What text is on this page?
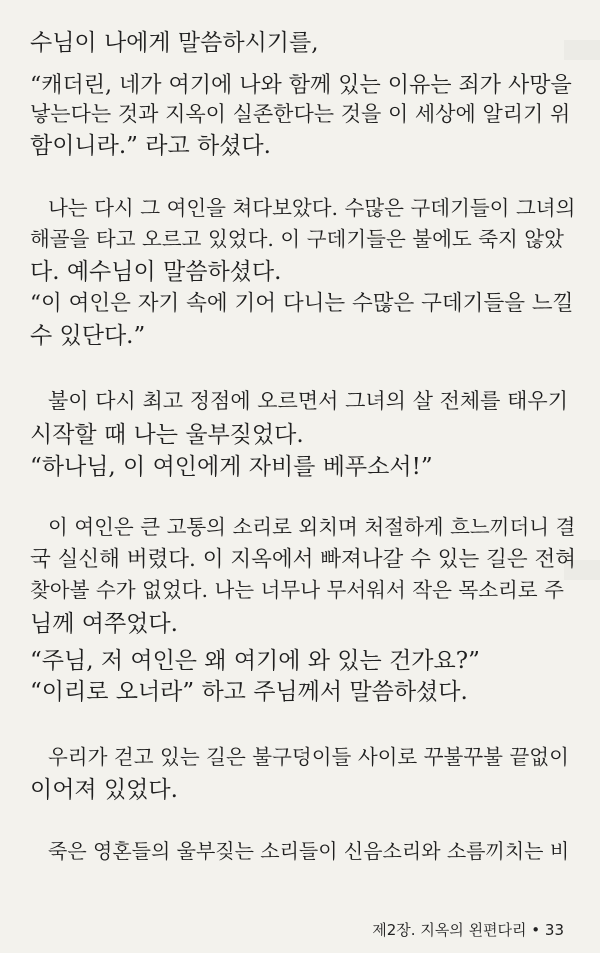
수님이 나에게 말씀하시기를,
“캐더린, 네가 여기에 나와 함께 있는 이유는 죄가 사망을
낳는다는 것과 지옥이 실존한다는 것을 이 세상에 알리기 위
함이니라.” 라고 하셨다.
나는 다시 그 여인을 쳐다보았다. 수많은 구데기들이 그녀의
해골을 타고 오르고 있었다. 이 구데기들은 불에도 죽지 않았
다. 예수님이 말씀하셨다.
“이 여인은 자기 속에 기어 다니는 수많은 구데기들을 느낄
수 있단다.”
불이 다시 최고 정점에 오르면서 그녀의 살 전체를 태우기
시작할 때 나는 울부짖었다.
“하나님, 이 여인에게 자비를 베푸소서!”
이 여인은 큰 고통의 소리로 외치며 처절하게 흐느끼더니 결
국 실신해 버렸다. 이 지옥에서 빠져나갈 수 있는 길은 전혀
찾아볼 수가 없었다. 나는 너무나 무서워서 작은 목소리로 주
님께 여쭈었다.
“주님, 저 여인은 왜 여기에 와 있는 건가요?”
“이리로 오너라” 하고 주님께서 말씀하셨다.
우리가 걷고 있는 길은 불구덩이들 사이로 꾸불꾸불 끝없이
이어져 있었다.
죽은 영혼들의 울부짖는 소리들이 신음소리와 소름끼치는 비
제2장. 지옥의 왼편다리 • 33
